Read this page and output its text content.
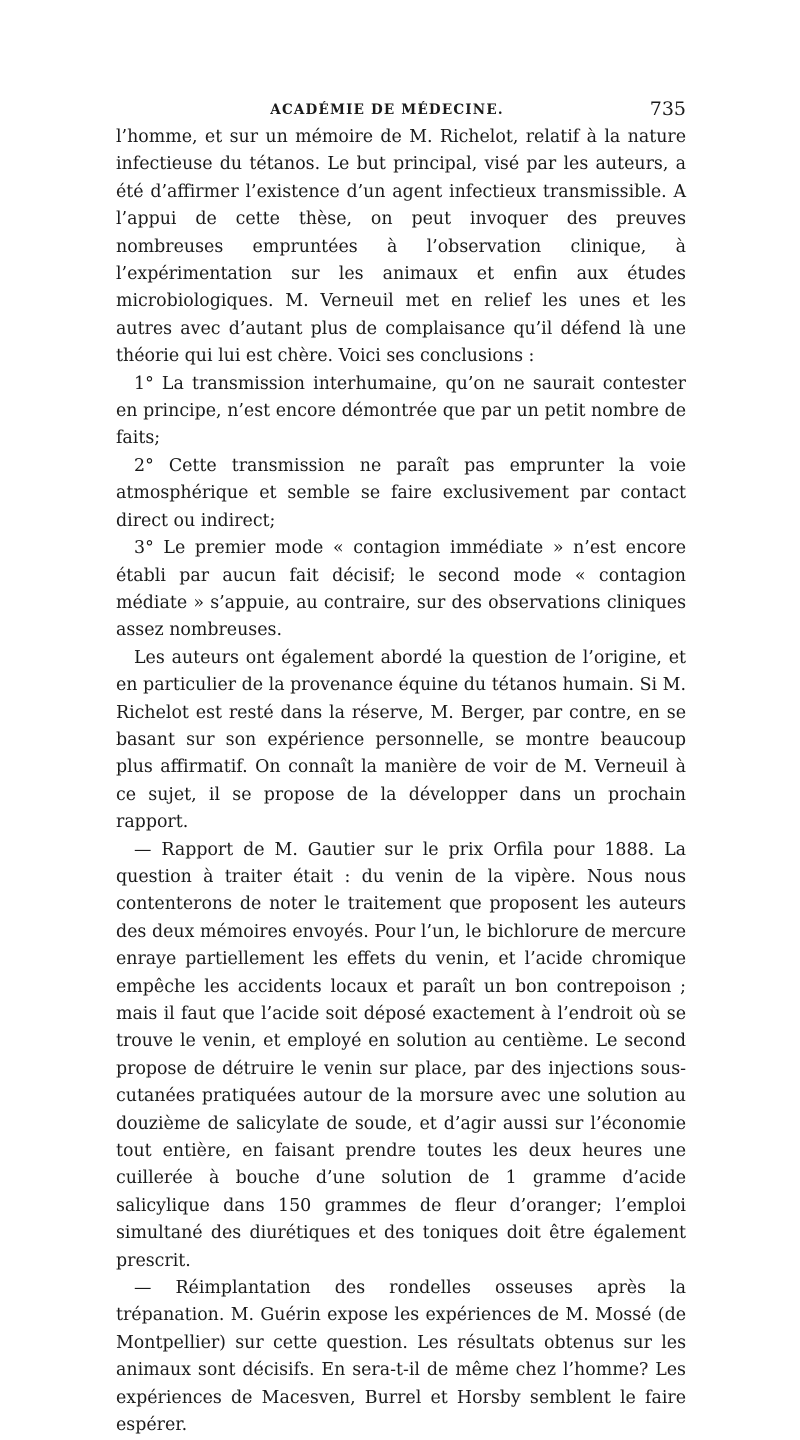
ACADÉMIE DE MÉDECINE.	735

l’homme, et sur un mémoire de M. Richelot, relatif à la nature infectieuse du tétanos. Le but principal, visé par les auteurs, a été d’affirmer l’existence d’un agent infectieux transmissible. A l’appui de cette thèse, on peut invoquer des preuves nombreuses empruntées à l’observation clinique, à l’expérimentation sur les animaux et enfin aux études microbiologiques. M. Verneuil met en relief les unes et les autres avec d’autant plus de complaisance qu’il défend là une théorie qui lui est chère. Voici ses conclusions :

1° La transmission interhumaine, qu’on ne saurait contester en principe, n’est encore démontrée que par un petit nombre de faits;

2° Cette transmission ne paraît pas emprunter la voie atmosphérique et semble se faire exclusivement par contact direct ou indirect;

3° Le premier mode « contagion immédiate » n’est encore établi par aucun fait décisif; le second mode « contagion médiate » s’appuie, au contraire, sur des observations cliniques assez nombreuses.

Les auteurs ont également abordé la question de l’origine, et en particulier de la provenance équine du tétanos humain. Si M. Richelot est resté dans la réserve, M. Berger, par contre, en se basant sur son expérience personnelle, se montre beaucoup plus affirmatif. On connaît la manière de voir de M. Verneuil à ce sujet, il se propose de la développer dans un prochain rapport.

— Rapport de M. Gautier sur le prix Orfila pour 1888. La question à traiter était : du venin de la vipère. Nous nous contenterons de noter le traitement que proposent les auteurs des deux mémoires envoyés. Pour l’un, le bichlorure de mercure enraye partiellement les effets du venin, et l’acide chromique empêche les accidents locaux et paraît un bon contrepoison ; mais il faut que l’acide soit déposé exactement à l’endroit où se trouve le venin, et employé en solution au centième. Le second propose de détruire le venin sur place, par des injections sous-cutanées pratiquées autour de la morsure avec une solution au douzième de salicylate de soude, et d’agir aussi sur l’économie tout entière, en faisant prendre toutes les deux heures une cuillerée à bouche d’une solution de 1 gramme d’acide salicylique dans 150 grammes de fleur d’oranger; l’emploi simultané des diurétiques et des toniques doit être également prescrit.

— Réimplantation des rondelles osseuses après la trépanation. M. Guérin expose les expériences de M. Mossé (de Montpellier) sur cette question. Les résultats obtenus sur les animaux sont décisifs. En sera-t-il de même chez l’homme? Les expériences de Macesven, Burrel et Horsby semblent le faire espérer.
